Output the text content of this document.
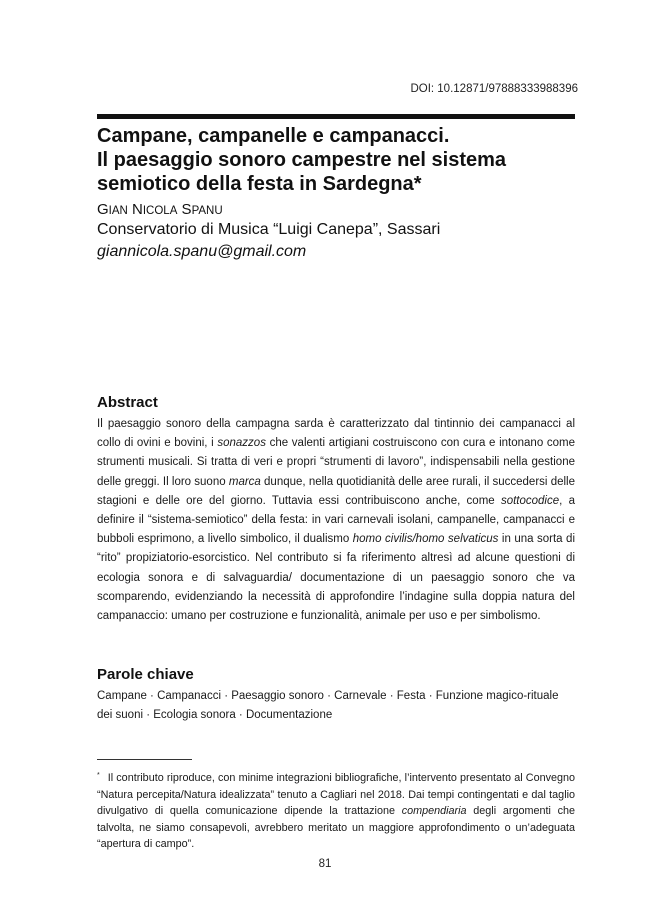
DOI: 10.12871/97888333988396
Campane, campanelle e campanacci.
Il paesaggio sonoro campestre nel sistema
semiotico della festa in Sardegna*
GIAN NICOLA SPANU
Conservatorio di Musica “Luigi Canepa”, Sassari
giannicola.spanu@gmail.com
Abstract

Il paesaggio sonoro della campagna sarda è caratterizzato dal tintinnio dei campanacci al collo di ovini e bovini, i sonazzos che valenti artigiani costruiscono con cura e intonano come strumenti musicali. Si tratta di veri e propri “strumenti di lavoro”, indispensabili nella gestione delle greggi. Il loro suono marca dunque, nella quotidianità delle aree rurali, il succedersi delle stagioni e delle ore del giorno. Tuttavia essi contribuiscono anche, come sottocodice, a definire il “sistema-semiotico” della festa: in vari carnevali isolani, campanelle, campanacci e bubboli esprimono, a livello simbolico, il dualismo homo civilis/homo selvaticus in una sorta di “rito” propiziatorio-esorcistico. Nel contributo si fa riferimento altresì ad alcune questioni di ecologia sonora e di salvaguardia/ documentazione di un paesaggio sonoro che va scomparendo, evidenziando la necessità di approfondire l’indagine sulla doppia natura del campanaccio: umano per costruzione e funzionalità, animale per uso e per simbolismo.

Parole chiave

Campane · Campanacci · Paesaggio sonoro · Carnevale · Festa · Funzione magico-rituale dei suoni · Ecologia sonora · Documentazione

* Il contributo riproduce, con minime integrazioni bibliografiche, l’intervento presentato al Convegno “Natura percepita/Natura idealizzata” tenuto a Cagliari nel 2018. Dai tempi contingentati e dal taglio divulgativo di quella comunicazione dipende la trattazione compendiaria degli argomenti che talvolta, ne siamo consapevoli, avrebbero meritato un maggiore approfondimento o un’adeguata “apertura di campo”.

81
